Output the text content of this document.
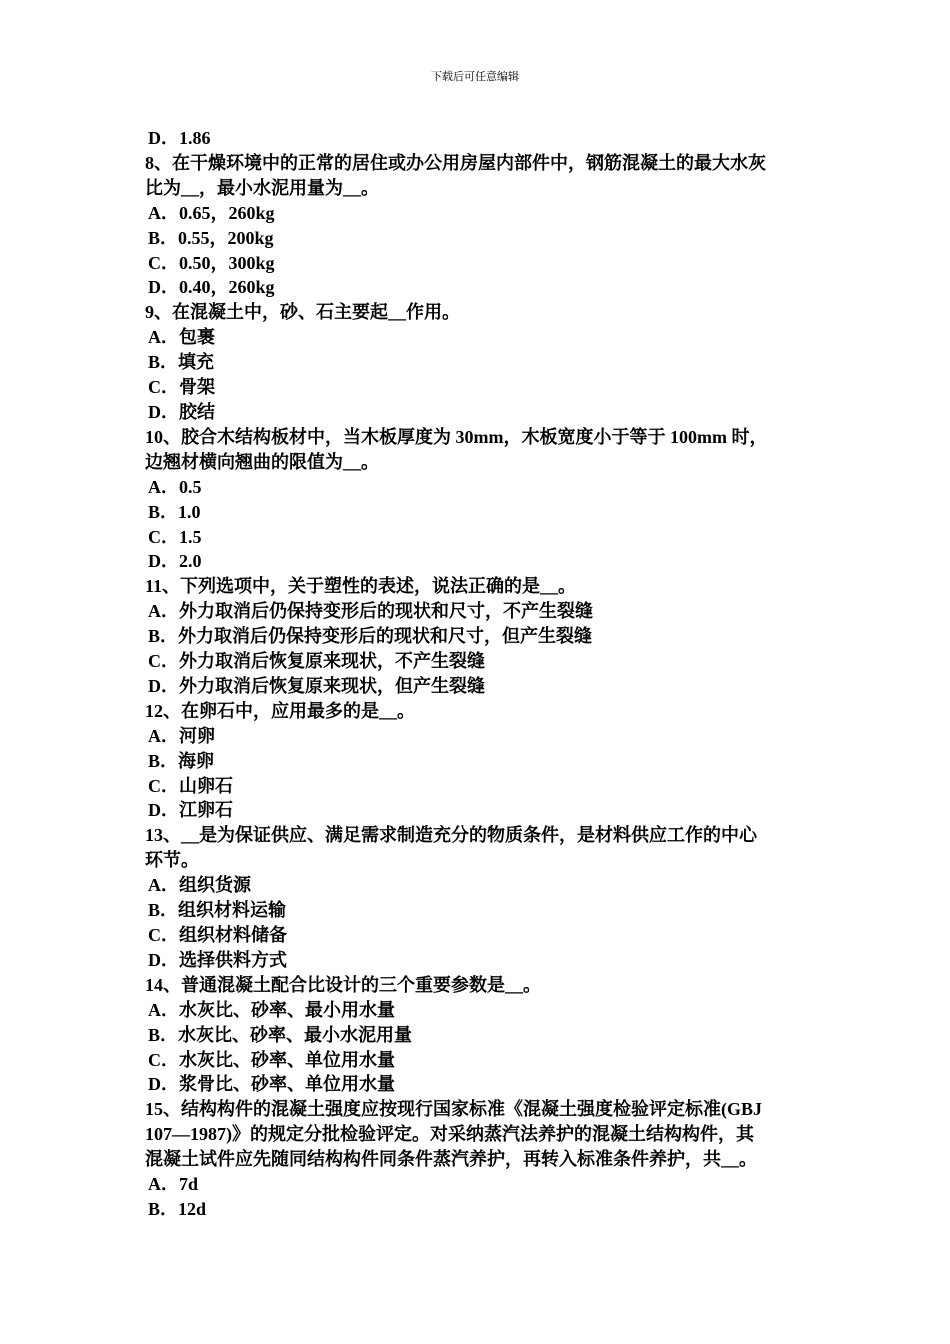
下载后可任意编辑
D．1.86
8、在干燥环境中的正常的居住或办公用房屋内部件中，钢筋混凝土的最大水灰
比为__，最小水泥用量为__。
A．0.65，260kg
B．0.55，200kg
C．0.50，300kg
D．0.40，260kg
9、在混凝土中，砂、石主要起__作用。
A．包裹
B．填充
C．骨架
D．胶结
10、胶合木结构板材中，当木板厚度为 30mm，木板宽度小于等于 100mm 时，
边翘材横向翘曲的限值为__。
A．0.5
B．1.0
C．1.5
D．2.0
11、下列选项中，关于塑性的表述，说法正确的是__。
A．外力取消后仍保持变形后的现状和尺寸，不产生裂缝
B．外力取消后仍保持变形后的现状和尺寸，但产生裂缝
C．外力取消后恢复原来现状，不产生裂缝
D．外力取消后恢复原来现状，但产生裂缝
12、在卵石中，应用最多的是__。
A．河卵
B．海卵
C．山卵石
D．江卵石
13、__是为保证供应、满足需求制造充分的物质条件，是材料供应工作的中心
环节。
A．组织货源
B．组织材料运输
C．组织材料储备
D．选择供料方式
14、普通混凝土配合比设计的三个重要参数是__。
A．水灰比、砂率、最小用水量
B．水灰比、砂率、最小水泥用量
C．水灰比、砂率、单位用水量
D．浆骨比、砂率、单位用水量
15、结构构件的混凝土强度应按现行国家标准《混凝土强度检验评定标准(GBJ
107—1987)》的规定分批检验评定。对采纳蒸汽法养护的混凝土结构构件，其
混凝土试件应先随同结构构件同条件蒸汽养护，再转入标准条件养护，共__。
A．7d
B．12d
